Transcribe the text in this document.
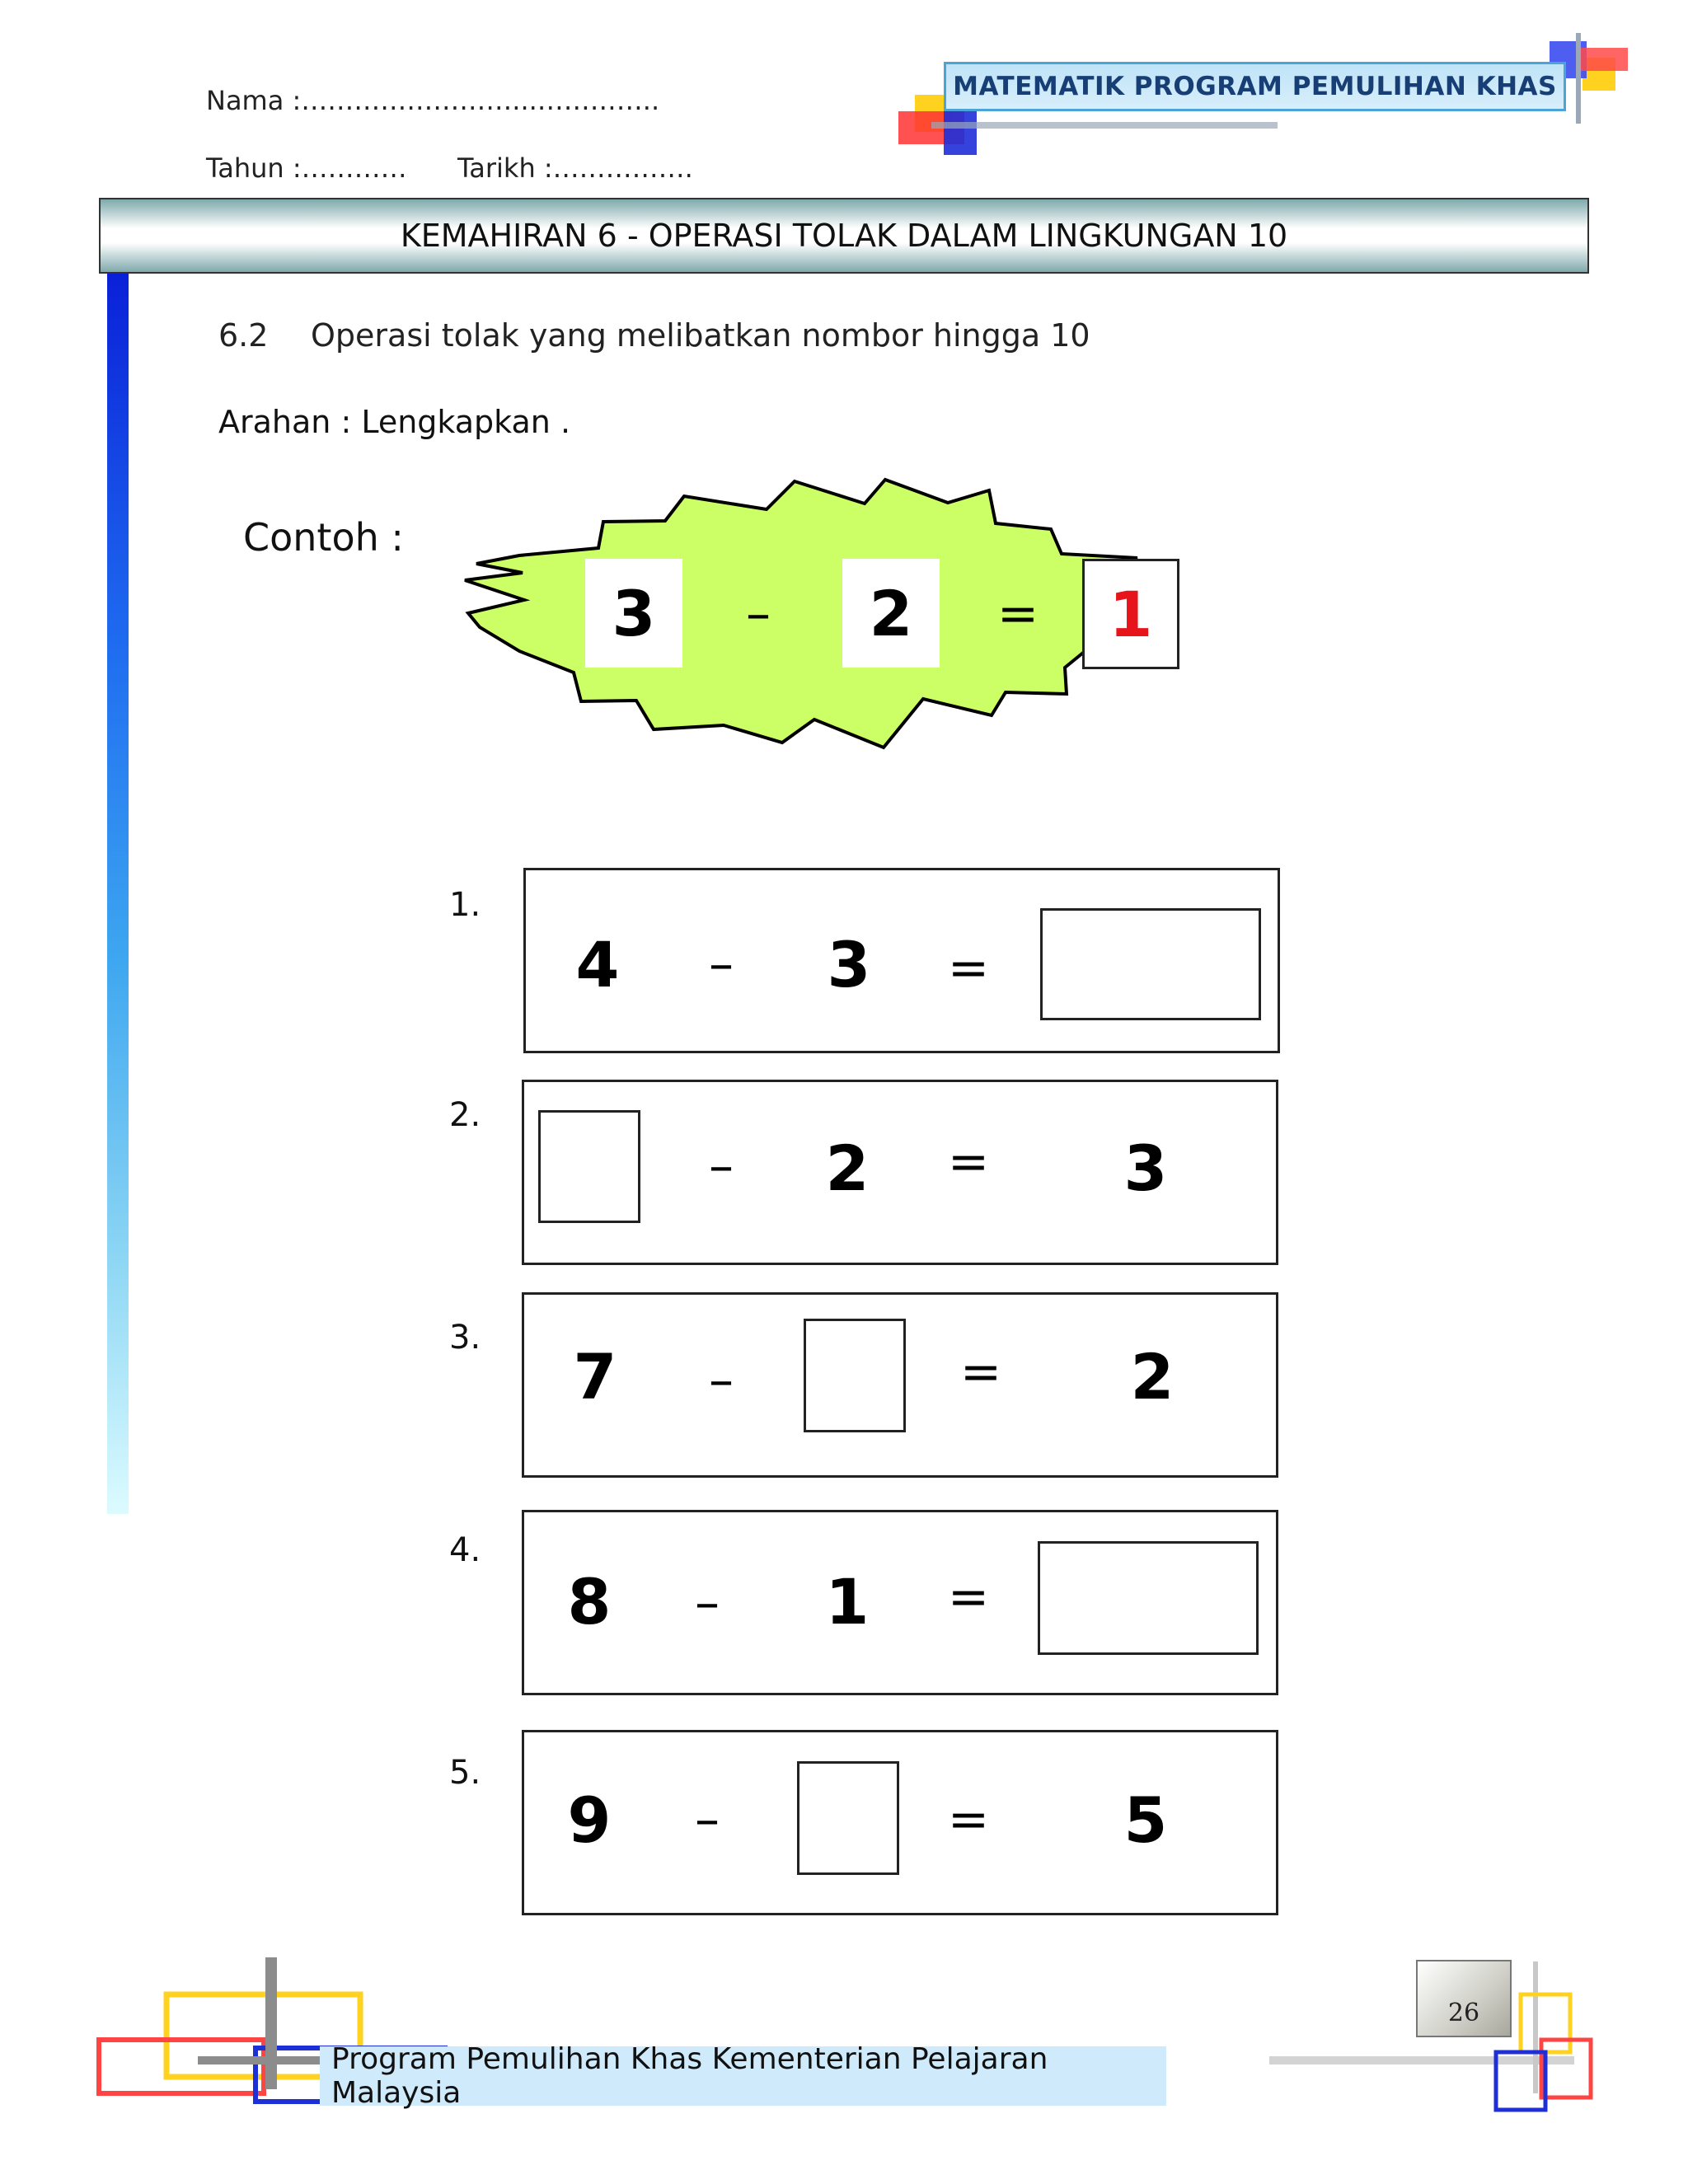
Nama :……………………...…………..
Tahun :………… Tarikh :…………….
MATEMATIK PROGRAM PEMULIHAN KHAS
KEMAHIRAN 6 - OPERASI TOLAK DALAM LINGKUNGAN 10
6.2 Operasi tolak yang melibatkan nombor hingga 10
Arahan : Lengkapkan .
Contoh :
3	–	2	=	1
1.
4	–	3	=
2.
–	2	=	3
3.
7	–	=	2
4.
8	–	1	=
5.
9	–	=	5
Program Pemulihan Khas Kementerian Pelajaran Malaysia
26
